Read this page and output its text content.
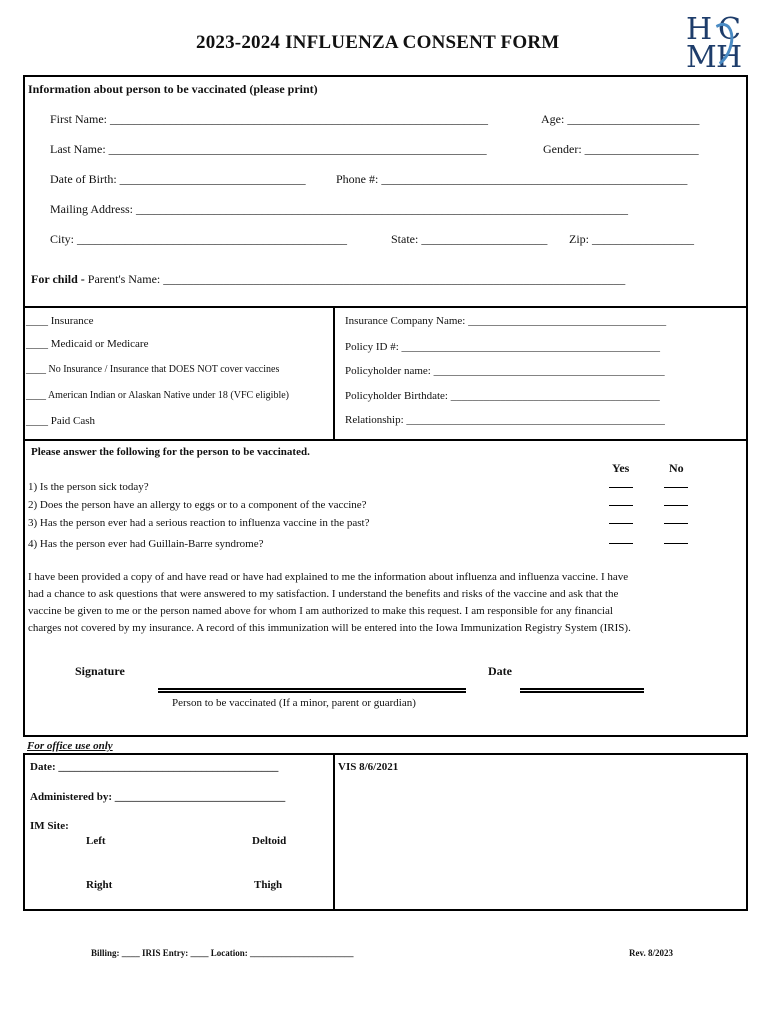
2023-2024 INFLUENZA CONSENT FORM	H C
M H
Information about person to be vaccinated (please print)
First Name: _______________________________________________________________	Age: ______________________
Last Name: _______________________________________________________________	Gender: ___________________
Date of Birth: _______________________________	Phone #: ___________________________________________________
Mailing Address: __________________________________________________________________________________
City: _____________________________________________	State: _____________________ Zip: _________________
For child - Parent's Name: _____________________________________________________________________________
____ Insurance
____ Medicaid or Medicare
____ No Insurance / Insurance that DOES NOT cover vaccines
____ American Indian or Alaskan Native under 18 (VFC eligible)
____ Paid Cash
Insurance Company Name: ____________________________________
Policy ID #: _______________________________________________
Policyholder name: __________________________________________
Policyholder Birthdate: ______________________________________
Relationship: _______________________________________________
Please answer the following for the person to be vaccinated.
Yes	No
1) Is the person sick today?
2) Does the person have an allergy to eggs or to a component of the vaccine?
3) Has the person ever had a serious reaction to influenza vaccine in the past?
4) Has the person ever had Guillain-Barre syndrome?
I have been provided a copy of and have read or have had explained to me the information about influenza and influenza vaccine. I have
had a chance to ask questions that were answered to my satisfaction. I understand the benefits and risks of the vaccine and ask that the
vaccine be given to me or the person named above for whom I am authorized to make this request. I am responsible for any financial
charges not covered by my insurance. A record of this immunization will be entered into the Iowa Immunization Registry System (IRIS).
Signature	Date
Person to be vaccinated (If a minor, parent or guardian)
For office use only
Date: ________________________________________	VIS 8/6/2021
Administered by: _______________________________
IM Site:
Left	Deltoid
Right	Thigh
Billing: ____ IRIS Entry: ____ Location: _______________________	Rev. 8/2023
